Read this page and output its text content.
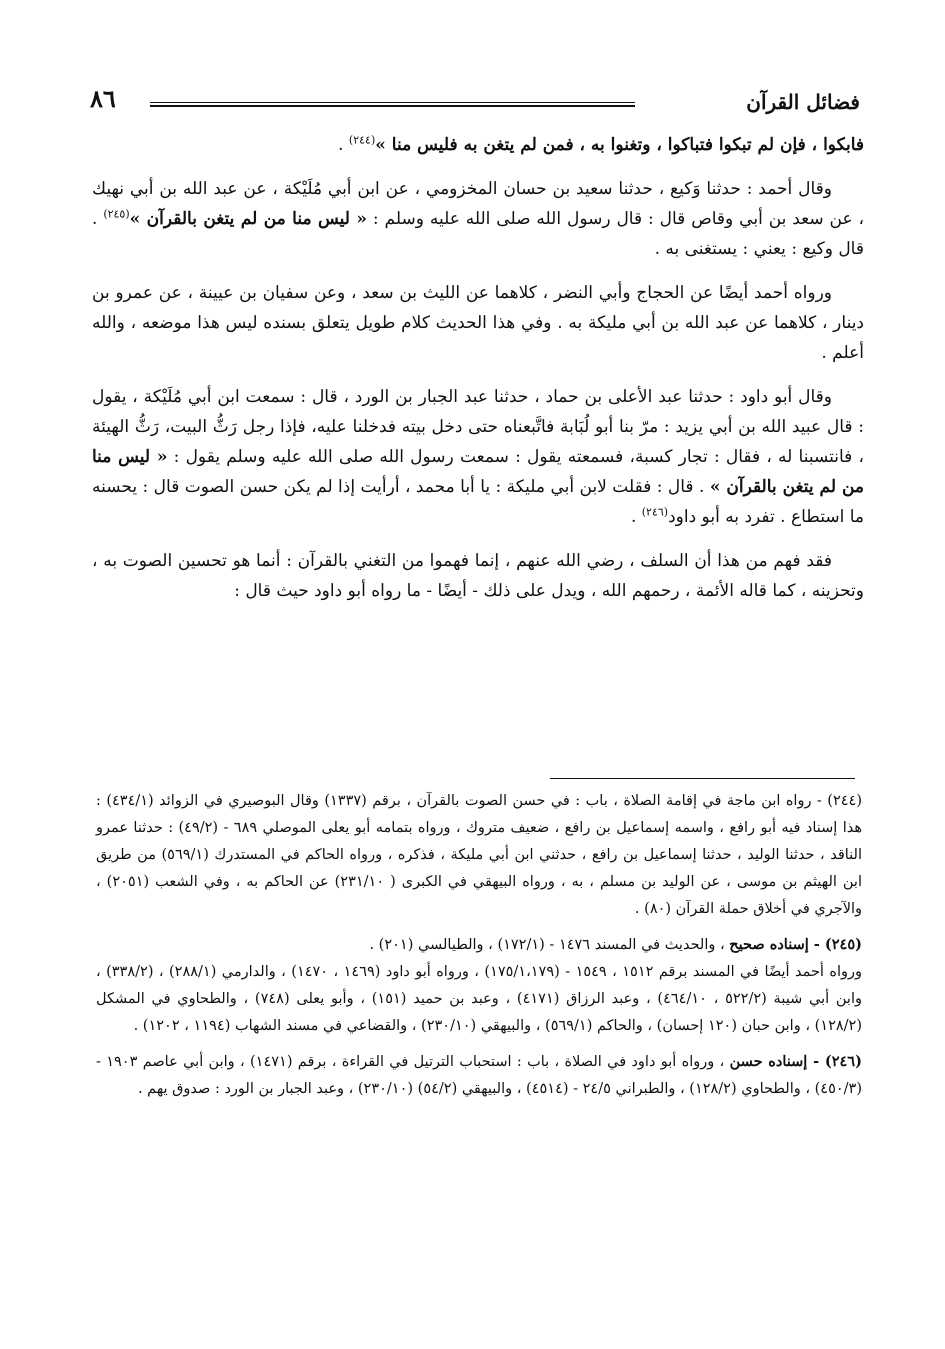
فضائل القرآن
٨٦

فابكوا ، فإن لم تبكوا فتباكوا ، وتغنوا به ، فمن لم يتغن به فليس منا »$^{(٢٤٤)}$ .

وقال أحمد : حدثنا وَكيع ، حدثنا سعيد بن حسان المخزومي ، عن ابن أبي مُلَيْكة ، عن عبد الله بن أبي نهيك ، عن سعد بن أبي وقاص قال : قال رسول الله صلى الله عليه وسلم : « ليس منا من لم يتغن بالقرآن »$^{(٢٤٥)}$ . قال وكيع : يعني : يستغنى به .

ورواه أحمد أيضًا عن الحجاج وأبي النضر ، كلاهما عن الليث بن سعد ، وعن سفيان بن عيينة ، عن عمرو بن دينار ، كلاهما عن عبد الله بن أبي مليكة به . وفي هذا الحديث كلام طويل يتعلق بسنده ليس هذا موضعه ، والله أعلم .

وقال أبو داود : حدثنا عبد الأعلى بن حماد ، حدثنا عبد الجبار بن الورد ، قال : سمعت ابن أبي مُلَيْكة ، يقول : قال عبيد الله بن أبي يزيد : مرّ بنا أبو لُبَابة فاتَّبعناه حتى دخل بيته فدخلنا عليه، فإذا رجل رَثُّ البيت، رَثُّ الهيئة ، فانتسبنا له ، فقال : تجار كسبة، فسمعته يقول : سمعت رسول الله صلى الله عليه وسلم يقول : « ليس منا من لم يتغن بالقرآن » . قال : فقلت لابن أبي مليكة : يا أبا محمد ، أرأيت إذا لم يكن حسن الصوت قال : يحسنه ما استطاع . تفرد به أبو داود$^{(٢٤٦)}$ .

فقد فهم من هذا أن السلف ، رضي الله عنهم ، إنما فهموا من التغني بالقرآن : أنما هو تحسين الصوت به ، وتحزينه ، كما قاله الأئمة ، رحمهم الله ، ويدل على ذلك - أيضًا - ما رواه أبو داود حيث قال :

(٢٤٤) - رواه ابن ماجة في إقامة الصلاة ، باب : في حسن الصوت بالقرآن ، برقم (١٣٣٧) وقال البوصيري في الزوائد (٤٣٤/١) : هذا إسناد فيه أبو رافع ، واسمه إسماعيل بن رافع ، ضعيف متروك ، ورواه بتمامه أبو يعلى الموصلي ٦٨٩ - (٤٩/٢) : حدثنا عمرو الناقد ، حدثنا الوليد ، حدثنا إسماعيل بن رافع ، حدثني ابن أبي مليكة ، فذكره ، ورواه الحاكم في المستدرك (٥٦٩/١) من طريق ابن الهيثم بن موسى ، عن الوليد بن مسلم ، به ، ورواه البيهقي في الكبرى ( ٢٣١/١٠) عن الحاكم به ، وفي الشعب (٢٠٥١) ، والآجري في أخلاق حملة القرآن (٨٠) .

(٢٤٥) - إسناده صحيح ، والحديث في المسند ١٤٧٦ - (١٧٢/١) ، والطيالسي (٢٠١) .
ورواه أحمد أيضًا في المسند برقم ١٥١٢ ، ١٥٤٩ - (١٧٥/١،١٧٩) ، ورواه أبو داود (١٤٦٩ ، ١٤٧٠) ، والدارمي (٢٨٨/١) ، (٣٣٨/٢) ، وابن أبي شيبة (٥٢٢/٢ ، ٤٦٤/١٠) ، وعبد الرزاق (٤١٧١) ، وعبد بن حميد (١٥١) ، وأبو يعلى (٧٤٨) ، والطحاوي في المشكل (١٢٨/٢) ، وابن حبان (١٢٠ إحسان) ، والحاكم (٥٦٩/١) ، والبيهقي (٢٣٠/١٠) ، والقضاعي في مسند الشهاب (١١٩٤ ، ١٢٠٢) .

(٢٤٦) - إسناده حسن ، ورواه أبو داود في الصلاة ، باب : استحباب الترتيل في القراءة ، برقم (١٤٧١) ، وابن أبي عاصم ١٩٠٣ - (٤٥٠/٣) ، والطحاوي (١٢٨/٢) ، والطبراني ٢٤/٥ - (٤٥١٤) ، والبيهقي (٥٤/٢) (٢٣٠/١٠) ، وعبد الجبار بن الورد : صدوق يهم .
